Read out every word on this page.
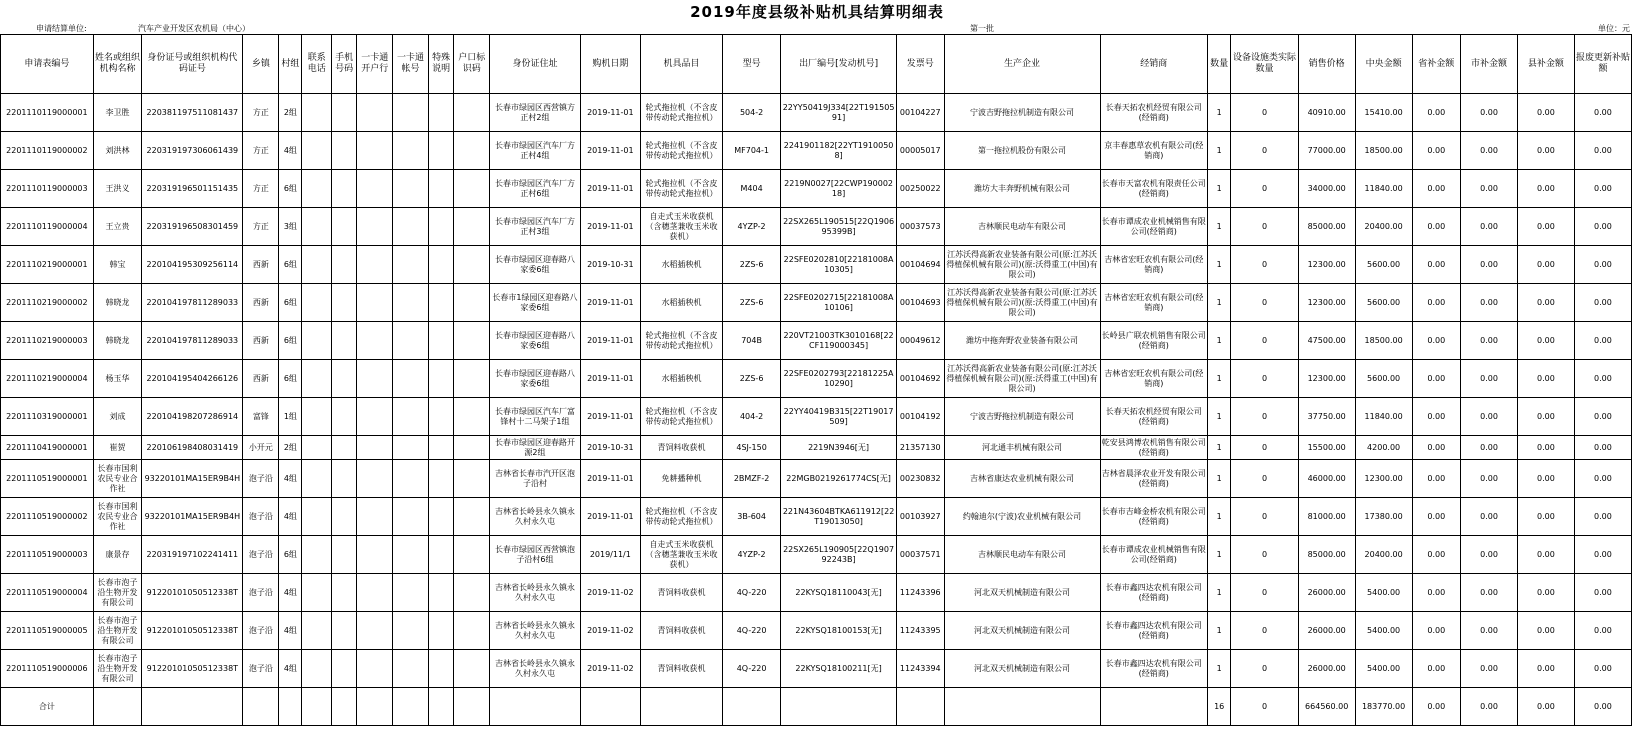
2019年度县级补贴机具结算明细表
申请结算单位:	汽车产业开发区农机局（中心）	第一批	单位：元
申请表编号	姓名或组织机构名称	身份证号或组织机构代码证号	乡镇	村组	联系电话	手机号码	一卡通开户行	一卡通帐号	特殊说明	户口标识码	身份证住址	购机日期	机具品目	型号	出厂编号[发动机号]	发票号	生产企业	经销商	数量	设备设施类实际数量	销售价格	中央金额	省补金额	市补金额	县补金额	报废更新补贴额
2201110119000001	李卫胜	220381197511081437	方正	2组							长春市绿园区西营镇方正村2组	2019-11-01	轮式拖拉机（不含皮带传动轮式拖拉机）	504-2	22YY50419J334[22T19150591]	00104227	宁波吉野拖拉机制造有限公司	长春天拓农机经贸有限公司(经销商)	1	0	40910.00	15410.00	0.00	0.00	0.00	0.00
2201110119000002	刘洪林	220319197306061439	方正	4组							长春市绿园区汽车厂方正村4组	2019-11-01	轮式拖拉机（不含皮带传动轮式拖拉机）	MF704-1	2241901182[22YT19100508]	00005017	第一拖拉机股份有限公司	京丰春惠草农机有限公司(经销商)	1	0	77000.00	18500.00	0.00	0.00	0.00	0.00
2201110119000003	王洪义	220319196501151435	方正	6组							长春市绿园区汽车厂方正村6组	2019-11-01	轮式拖拉机（不含皮带传动轮式拖拉机）	M404	2219N0027[22CWP19000218]	00250022	潍坊大丰奔野机械有限公司	长春市天富农机有限责任公司(经销商)	1	0	34000.00	11840.00	0.00	0.00	0.00	0.00
2201110119000004	王立贵	220319196508301459	方正	3组							长春市绿园区汽车厂方正村3组	2019-11-01	自走式玉米收获机（含穗茎兼收玉米收获机）	4YZP-2	22SX265L190515[22Q190695399B]	00037573	吉林顺民电动车有限公司	长春市谭成农业机械销售有限公司(经销商)	1	0	85000.00	20400.00	0.00	0.00	0.00	0.00
2201110219000001	韩宝	220104195309256114	西新	6组							长春市绿园区迎春路八家委6组	2019-10-31	水稻插秧机	2ZS-6	22SFE0202810[22181008A10305]	00104694	江苏沃得高新农业装备有限公司(原:江苏沃得植保机械有限公司)(原:沃得重工(中国)有限公司)	吉林省宏旺农机有限公司(经销商)	1	0	12300.00	5600.00	0.00	0.00	0.00	0.00
2201110219000002	韩晓龙	220104197811289033	西新	6组							长春市1绿园区迎春路八家委6组	2019-11-01	水稻插秧机	2ZS-6	22SFE0202715[22181008A10106]	00104693	江苏沃得高新农业装备有限公司(原:江苏沃得植保机械有限公司)(原:沃得重工(中国)有限公司)	吉林省宏旺农机有限公司(经销商)	1	0	12300.00	5600.00	0.00	0.00	0.00	0.00
2201110219000003	韩晓龙	220104197811289033	西新	6组							长春市绿园区迎春路八家委6组	2019-11-01	轮式拖拉机（不含皮带传动轮式拖拉机）	704B	220VT21003TK3010168[22CF119000345]	00049612	潍坊中拖奔野农业装备有限公司	长岭县广联农机销售有限公司(经销商)	1	0	47500.00	18500.00	0.00	0.00	0.00	0.00
2201110219000004	杨玉华	220104195404266126	西新	6组							长春市绿园区迎春路八家委6组	2019-11-01	水稻插秧机	2ZS-6	22SFE0202793[22181225A10290]	00104692	江苏沃得高新农业装备有限公司(原:江苏沃得植保机械有限公司)(原:沃得重工(中国)有限公司)	吉林省宏旺农机有限公司(经销商)	1	0	12300.00	5600.00	0.00	0.00	0.00	0.00
2201110319000001	刘成	220104198207286914	富锋	1组							长春市绿园区汽车厂富锋村十二马架子1组	2019-11-01	轮式拖拉机（不含皮带传动轮式拖拉机）	404-2	22YY40419B315[22T19017509]	00104192	宁波吉野拖拉机制造有限公司	长春天拓农机经贸有限公司(经销商)	1	0	37750.00	11840.00	0.00	0.00	0.00	0.00
2201110419000001	崔贺	220106198408031419	小开元	2组							长春市绿园区迎春路开源2组	2019-10-31	青饲料收获机	4SJ-150	2219N3946[无]	21357130	河北通丰机械有限公司	乾安县鸿博农机销售有限公司(经销商)	1	0	15500.00	4200.00	0.00	0.00	0.00	0.00
2201110519000001	长春市国利农民专业合作社	93220101MA15ER9B4H	泡子沿	4组							吉林省长春市汽开区泡子沿村	2019-11-01	免耕播种机	2BMZF-2	22MGB0219261774CS[无]	00230832	吉林省康达农业机械有限公司	吉林省晨泽农业开发有限公司(经销商)	1	0	46000.00	12300.00	0.00	0.00	0.00	0.00
2201110519000002	长春市国利农民专业合作社	93220101MA15ER9B4H	泡子沿	4组							吉林省长岭县永久镇永久村永久屯	2019-11-01	轮式拖拉机（不含皮带传动轮式拖拉机）	3B-604	221N43604BTKA611912[22T19013050]	00103927	约翰迪尔(宁波)农业机械有限公司	长春市吉峰金桥农机有限公司(经销商)	1	0	81000.00	17380.00	0.00	0.00	0.00	0.00
2201110519000003	康景存	220319197102241411	泡子沿	6组							长春市绿园区西营镇泡子沿村6组	2019/11/1	自走式玉米收获机（含穗茎兼收玉米收获机）	4YZP-2	22SX265L190905[22Q190792243B]	00037571	吉林顺民电动车有限公司	长春市谭成农业机械销售有限公司(经销商)	1	0	85000.00	20400.00	0.00	0.00	0.00	0.00
2201110519000004	长春市泡子沿生物开发有限公司	91220101050512338T	泡子沿	4组							吉林省长岭县永久镇永久村永久屯	2019-11-02	青饲料收获机	4Q-220	22KYSQ18110043[无]	11243396	河北双天机械制造有限公司	长春市鑫四达农机有限公司(经销商)	1	0	26000.00	5400.00	0.00	0.00	0.00	0.00
2201110519000005	长春市泡子沿生物开发有限公司	91220101050512338T	泡子沿	4组							吉林省长岭县永久镇永久村永久屯	2019-11-02	青饲料收获机	4Q-220	22KYSQ18100153[无]	11243395	河北双天机械制造有限公司	长春市鑫四达农机有限公司(经销商)	1	0	26000.00	5400.00	0.00	0.00	0.00	0.00
2201110519000006	长春市泡子沿生物开发有限公司	91220101050512338T	泡子沿	4组							吉林省长岭县永久镇永久村永久屯	2019-11-02	青饲料收获机	4Q-220	22KYSQ18100211[无]	11243394	河北双天机械制造有限公司	长春市鑫四达农机有限公司(经销商)	1	0	26000.00	5400.00	0.00	0.00	0.00	0.00
合计																			16	0	664560.00	183770.00	0.00	0.00	0.00	0.00
